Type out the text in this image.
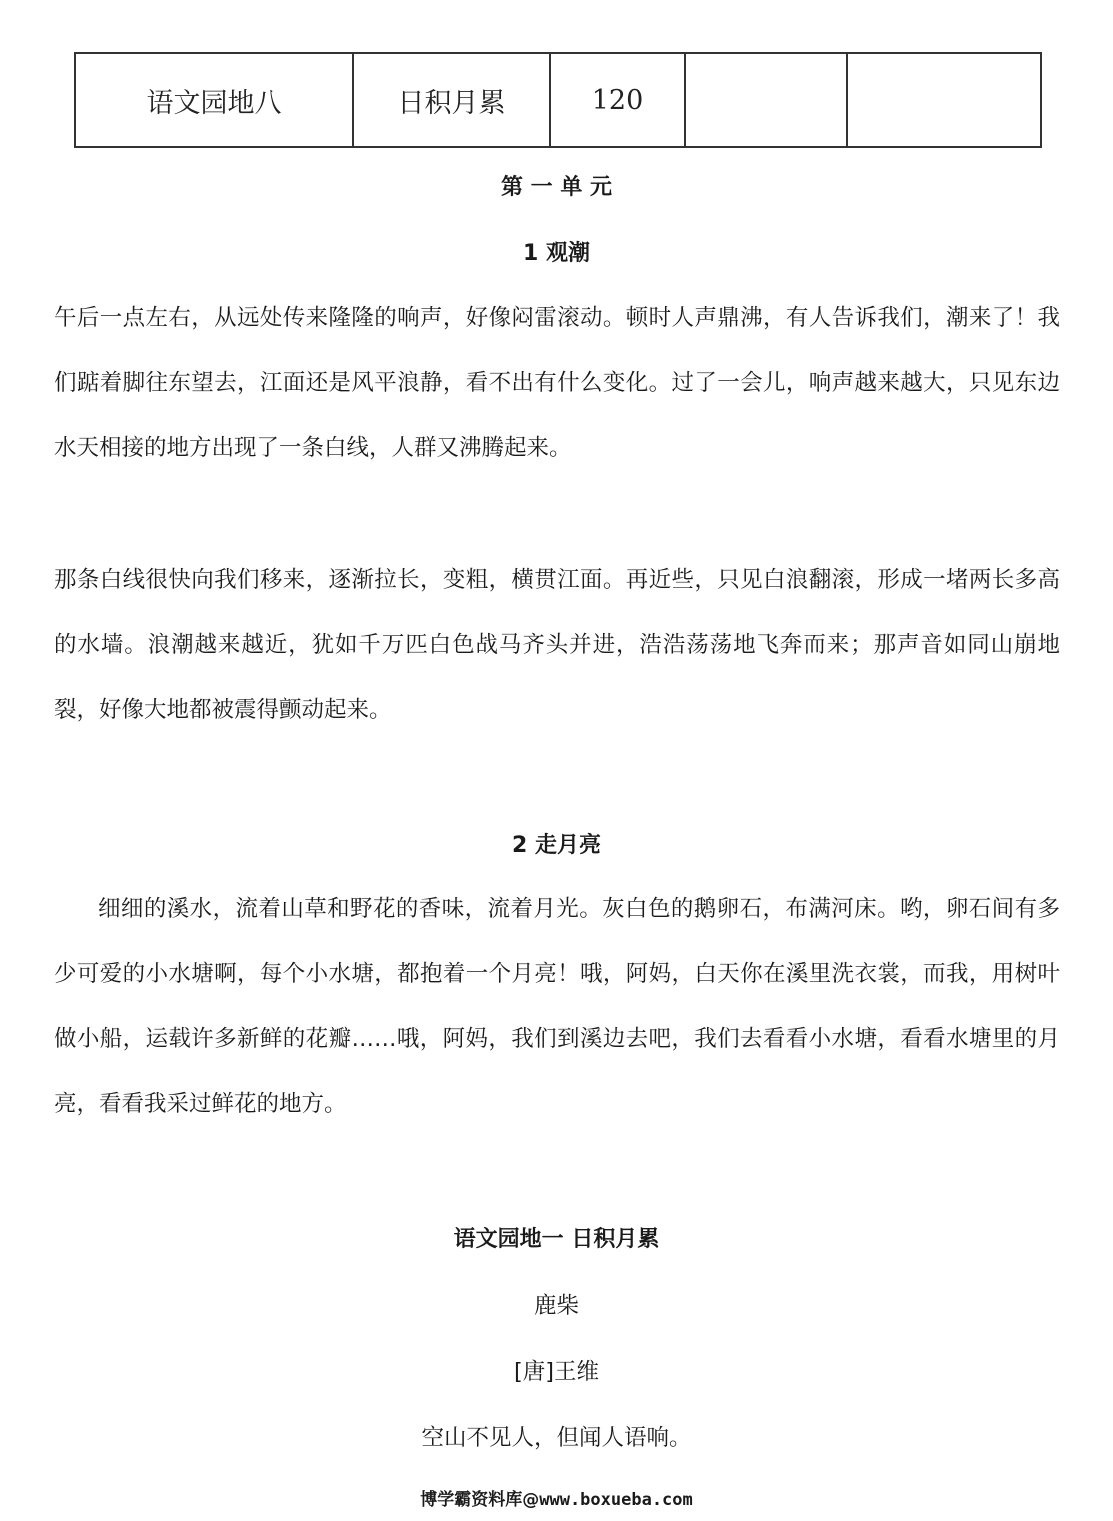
语文园地八	日积月累	120		
第 一 单 元
1 观潮

午后一点左右，从远处传来隆隆的响声，好像闷雷滚动。顿时人声鼎沸，有人告诉我们，潮来了！我们踮着脚往东望去，江面还是风平浪静，看不出有什么变化。过了一会儿，响声越来越大，只见东边水天相接的地方出现了一条白线，人群又沸腾起来。

那条白线很快向我们移来，逐渐拉长，变粗，横贯江面。再近些，只见白浪翻滚，形成一堵两长多高的水墙。浪潮越来越近，犹如千万匹白色战马齐头并进，浩浩荡荡地飞奔而来；那声音如同山崩地裂，好像大地都被震得颤动起来。

2 走月亮

细细的溪水，流着山草和野花的香味，流着月光。灰白色的鹅卵石，布满河床。哟，卵石间有多少可爱的小水塘啊，每个小水塘，都抱着一个月亮！哦，阿妈，白天你在溪里洗衣裳，而我，用树叶做小船，运载许多新鲜的花瓣……哦，阿妈，我们到溪边去吧，我们去看看小水塘，看看水塘里的月亮，看看我采过鲜花的地方。

语文园地一 日积月累

鹿柴

[唐]王维

空山不见人，但闻人语响。

博学霸资料库@www.boxueba.com
